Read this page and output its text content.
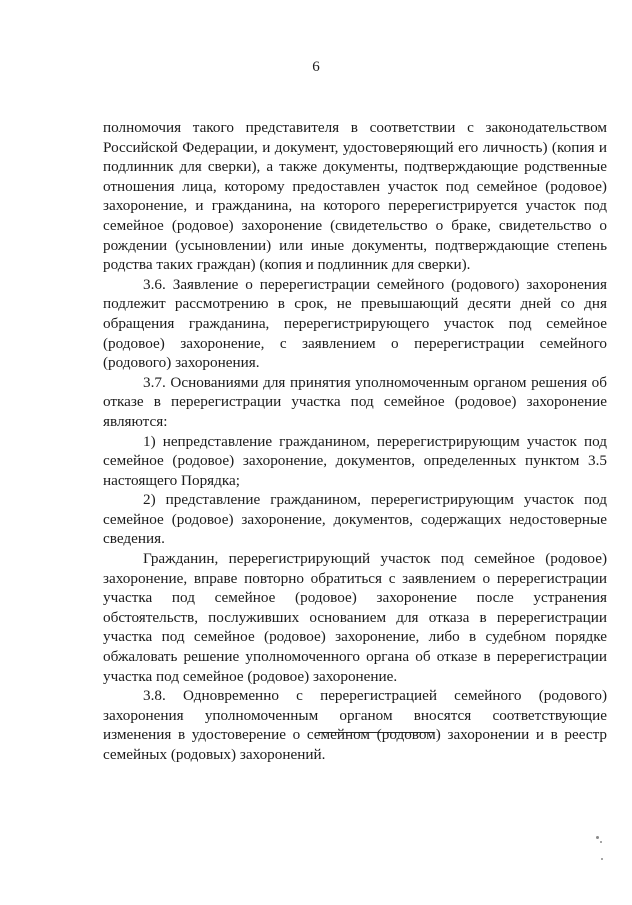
6

полномочия такого представителя в соответствии с законодательством Российской Федерации, и документ, удостоверяющий его личность) (копия и подлинник для сверки), а также документы, подтверждающие родственные отношения лица, которому предоставлен участок под семейное (родовое) захоронение, и гражданина, на которого перерегистрируется участок под семейное (родовое) захоронение (свидетельство о браке, свидетельство о рождении (усыновлении) или иные документы, подтверждающие степень родства таких граждан) (копия и подлинник для сверки).

3.6. Заявление о перерегистрации семейного (родового) захоронения подлежит рассмотрению в срок, не превышающий десяти дней со дня обращения гражданина, перерегистрирующего участок под семейное (родовое) захоронение, с заявлением о перерегистрации семейного (родового) захоронения.

3.7. Основаниями для принятия уполномоченным органом решения об отказе в перерегистрации участка под семейное (родовое) захоронение являются:

1) непредставление гражданином, перерегистрирующим участок под семейное (родовое) захоронение, документов, определенных пунктом 3.5 настоящего Порядка;

2) представление гражданином, перерегистрирующим участок под семейное (родовое) захоронение, документов, содержащих недостоверные сведения.

Гражданин, перерегистрирующий участок под семейное (родовое) захоронение, вправе повторно обратиться с заявлением о перерегистрации участка под семейное (родовое) захоронение после устранения обстоятельств, послуживших основанием для отказа в перерегистрации участка под семейное (родовое) захоронение, либо в судебном порядке обжаловать решение уполномоченного органа об отказе в перерегистрации участка под семейное (родовое) захоронение.

3.8. Одновременно с перерегистрацией семейного (родового) захоронения уполномоченным органом вносятся соответствующие изменения в удостоверение о семейном (родовом) захоронении и в реестр семейных (родовых) захоронений.
